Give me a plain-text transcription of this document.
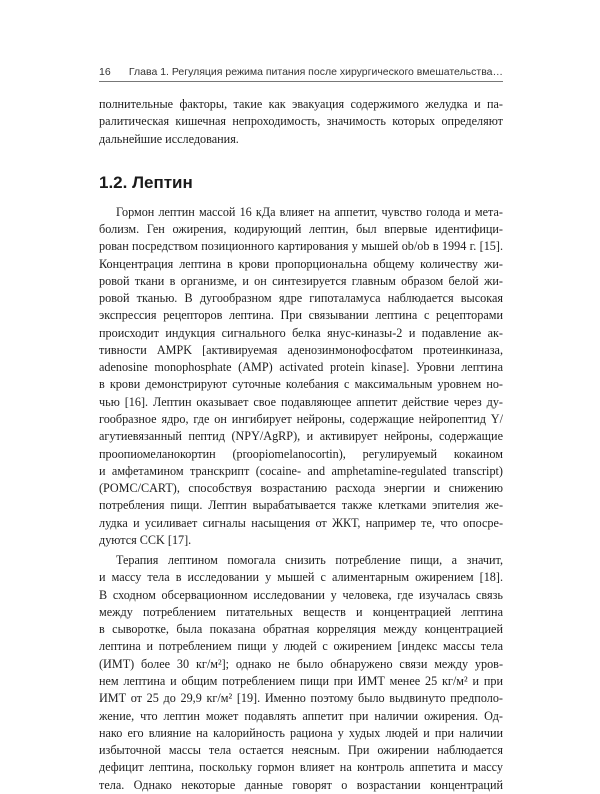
16 Глава 1. Регуляция режима питания после хирургического вмешательства…
полнительные факторы, такие как эвакуация содержимого желудка и па-
ралитическая кишечная непроходимость, значимость которых определяют
дальнейшие исследования.
1.2. Лептин
Гормон лептин массой 16 кДа влияет на аппетит, чувство голода и мета-
болизм. Ген ожирения, кодирующий лептин, был впервые идентифици-
рован посредством позиционного картирования у мышей ob/ob в 1994 г. [15].
Концентрация лептина в крови пропорциональна общему количеству жи-
ровой ткани в организме, и он синтезируется главным образом белой жи-
ровой тканью. В дугообразном ядре гипоталамуса наблюдается высокая
экспрессия рецепторов лептина. При связывании лептина с рецепторами
происходит индукция сигнального белка янус-киназы-2 и подавление ак-
тивности AMPK [активируемая аденозинмонофосфатом протеинкиназа,
adenosine monophosphate (AMP) activated protein kinase]. Уровни лептина
в крови демонстрируют суточные колебания с максимальным уровнем но-
чью [16]. Лептин оказывает свое подавляющее аппетит действие через ду-
гообразное ядро, где он ингибирует нейроны, содержащие нейропептид Y/
агутиевязанный пептид (NPY/AgRP), и активирует нейроны, содержащие
проопиомеланокортин (proopiomelanocortin), регулируемый кокаином
и амфетамином транскрипт (cocaine- and amphetamine-regulated transcript)
(POMC/CART), способствуя возрастанию расхода энергии и снижению
потребления пищи. Лептин вырабатывается также клетками эпителия же-
лудка и усиливает сигналы насыщения от ЖКТ, например те, что опосре-
дуются CCK [17].
Терапия лептином помогала снизить потребление пищи, а значит,
и массу тела в исследовании у мышей с алиментарным ожирением [18].
В сходном обсервационном исследовании у человека, где изучалась связь
между потреблением питательных веществ и концентрацией лептина
в сыворотке, была показана обратная корреляция между концентрацией
лептина и потреблением пищи у людей с ожирением [индекс массы тела
(ИМТ) более 30 кг/м²]; однако не было обнаружено связи между уров-
нем лептина и общим потреблением пищи при ИМТ менее 25 кг/м² и при
ИМТ от 25 до 29,9 кг/м² [19]. Именно поэтому было выдвинуто предполо-
жение, что лептин может подавлять аппетит при наличии ожирения. Од-
нако его влияние на калорийность рациона у худых людей и при наличии
избыточной массы тела остается неясным. При ожирении наблюдается
дефицит лептина, поскольку гормон влияет на контроль аппетита и массу
тела. Однако некоторые данные говорят о возрастании концентраций
